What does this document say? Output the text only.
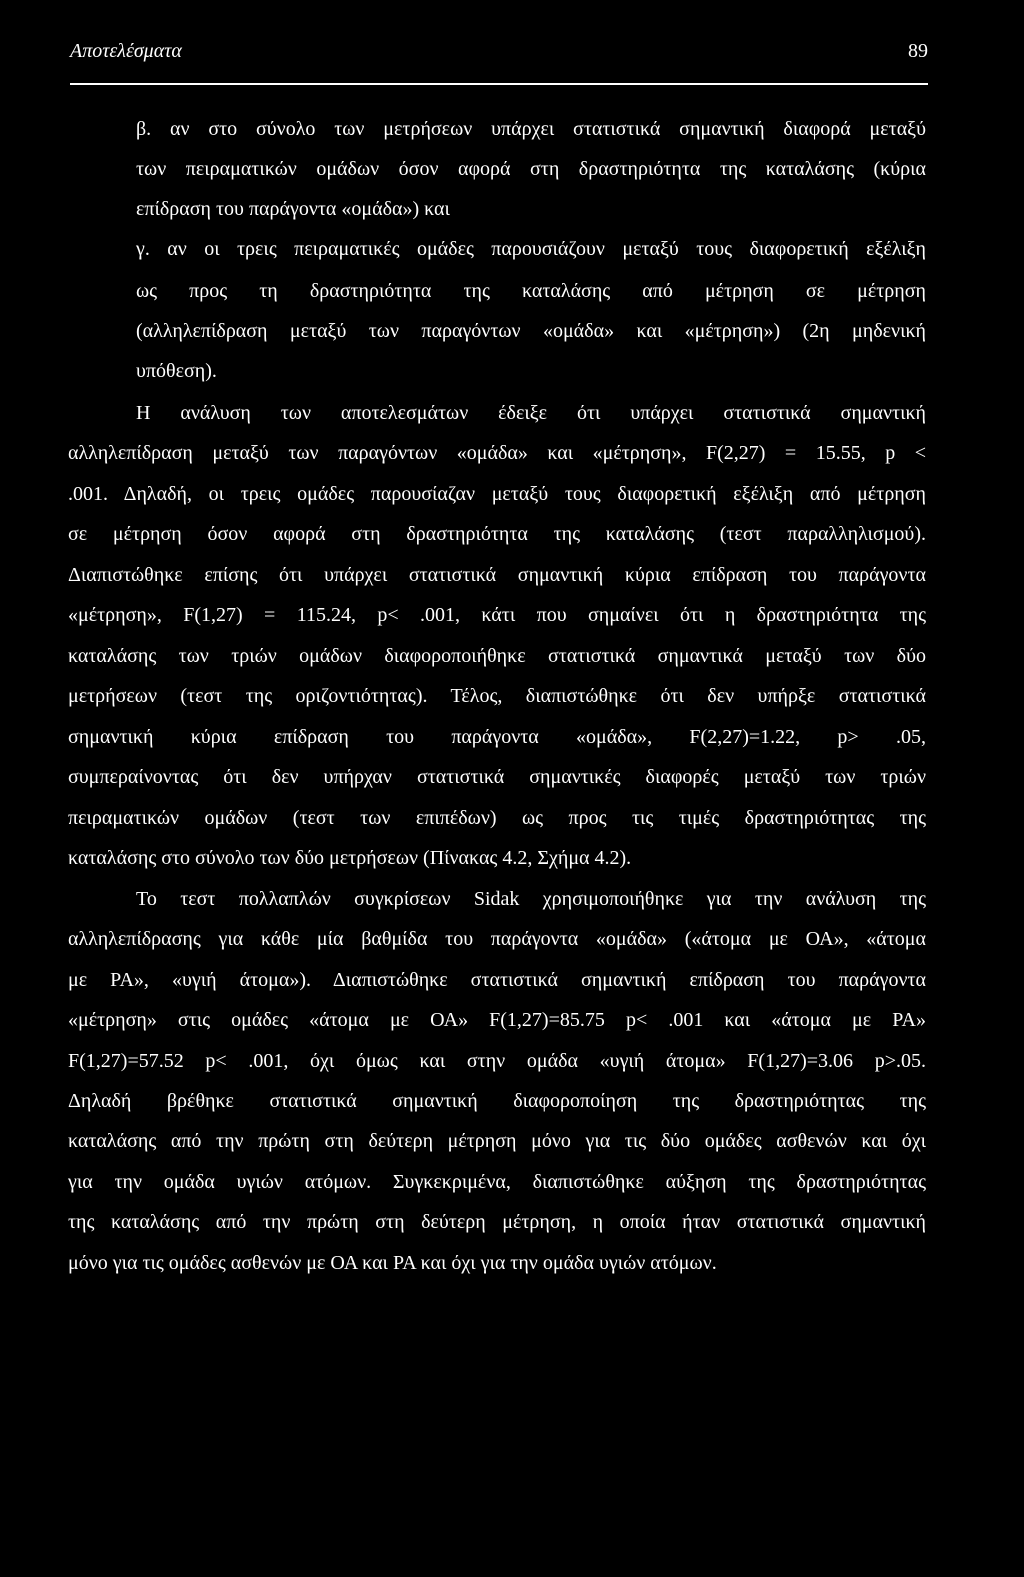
Αποτελέσματα	89
β. αν στο σύνολο των μετρήσεων υπάρχει στατιστικά σημαντική διαφορά μεταξύ
των πειραματικών ομάδων όσον αφορά στη δραστηριότητα της καταλάσης (κύρια
επίδραση του παράγοντα «ομάδα») και
γ. αν οι τρεις πειραματικές ομάδες παρουσιάζουν μεταξύ τους διαφορετική εξέλιξη
ως προς τη δραστηριότητα της καταλάσης από μέτρηση σε μέτρηση
(αλληλεπίδραση μεταξύ των παραγόντων «ομάδα» και «μέτρηση») (2η μηδενική
υπόθεση).
Η ανάλυση των αποτελεσμάτων έδειξε ότι υπάρχει στατιστικά σημαντική
αλληλεπίδραση μεταξύ των παραγόντων «ομάδα» και «μέτρηση», F(2,27) = 15.55, p <
.001. Δηλαδή, οι τρεις ομάδες παρουσίαζαν μεταξύ τους διαφορετική εξέλιξη από μέτρηση
σε μέτρηση όσον αφορά στη δραστηριότητα της καταλάσης (τεστ παραλληλισμού).
Διαπιστώθηκε επίσης ότι υπάρχει στατιστικά σημαντική κύρια επίδραση του παράγοντα
«μέτρηση», F(1,27) = 115.24, p< .001, κάτι που σημαίνει ότι η δραστηριότητα της
καταλάσης των τριών ομάδων διαφοροποιήθηκε στατιστικά σημαντικά μεταξύ των δύο
μετρήσεων (τεστ της οριζοντιότητας). Τέλος, διαπιστώθηκε ότι δεν υπήρξε στατιστικά
σημαντική κύρια επίδραση του παράγοντα «ομάδα», F(2,27)=1.22, p> .05,
συμπεραίνοντας ότι δεν υπήρχαν στατιστικά σημαντικές διαφορές μεταξύ των τριών
πειραματικών ομάδων (τεστ των επιπέδων) ως προς τις τιμές δραστηριότητας της
καταλάσης στο σύνολο των δύο μετρήσεων (Πίνακας 4.2, Σχήμα 4.2).
Το τεστ πολλαπλών συγκρίσεων Sidak χρησιμοποιήθηκε για την ανάλυση της
αλληλεπίδρασης για κάθε μία βαθμίδα του παράγοντα «ομάδα» («άτομα με ΟΑ», «άτομα
με ΡΑ», «υγιή άτομα»). Διαπιστώθηκε στατιστικά σημαντική επίδραση του παράγοντα
«μέτρηση» στις ομάδες «άτομα με ΟΑ» F(1,27)=85.75 p< .001 και «άτομα με ΡΑ»
F(1,27)=57.52 p< .001, όχι όμως και στην ομάδα «υγιή άτομα» F(1,27)=3.06 p>.05.
Δηλαδή βρέθηκε στατιστικά σημαντική διαφοροποίηση της δραστηριότητας της
καταλάσης από την πρώτη στη δεύτερη μέτρηση μόνο για τις δύο ομάδες ασθενών και όχι
για την ομάδα υγιών ατόμων. Συγκεκριμένα, διαπιστώθηκε αύξηση της δραστηριότητας
της καταλάσης από την πρώτη στη δεύτερη μέτρηση, η οποία ήταν στατιστικά σημαντική
μόνο για τις ομάδες ασθενών με ΟΑ και ΡΑ και όχι για την ομάδα υγιών ατόμων.
